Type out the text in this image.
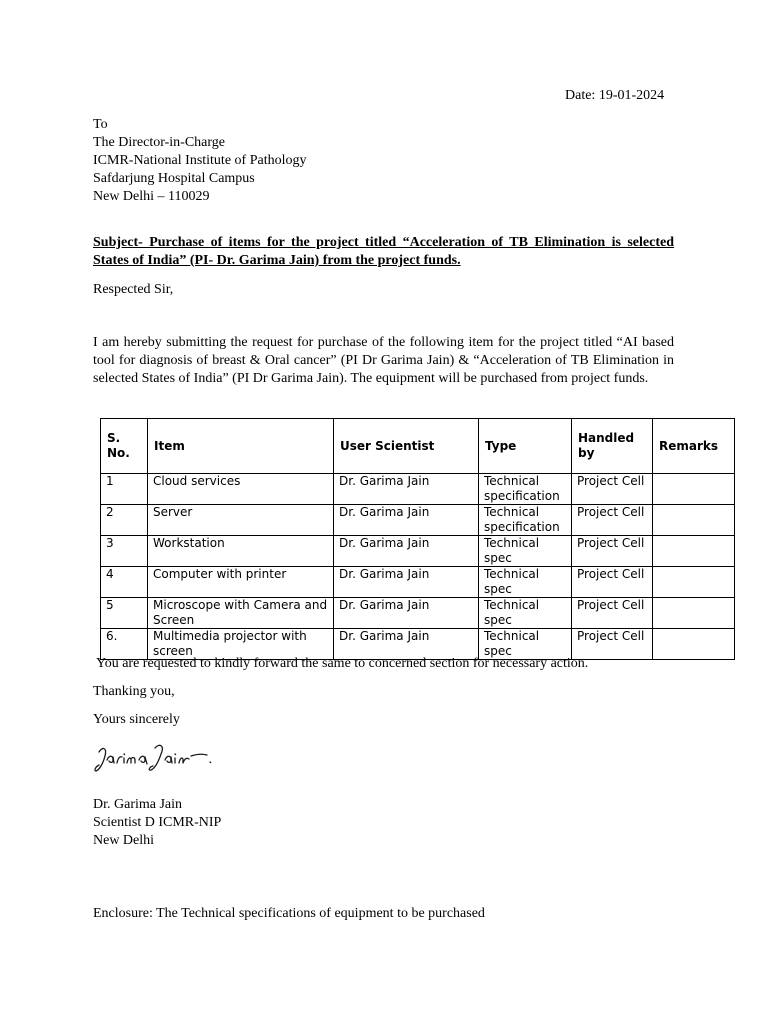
Date: 19-01-2024
To
The Director-in-Charge
ICMR-National Institute of Pathology
Safdarjung Hospital Campus
New Delhi – 110029
Subject- Purchase of items for the project titled “Acceleration of TB Elimination is selected States of India” (PI- Dr. Garima Jain) from the project funds.
Respected Sir,
I am hereby submitting the request for purchase of the following item for the project titled “AI based tool for diagnosis of breast & Oral cancer” (PI Dr Garima Jain) & “Acceleration of TB Elimination in selected States of India” (PI Dr Garima Jain). The equipment will be purchased from project funds.
S. No.	Item	User Scientist	Type	Handled by	Remarks
1	Cloud services	Dr. Garima Jain	Technical specification	Project Cell	
2	Server	Dr. Garima Jain	Technical specification	Project Cell	
3	Workstation	Dr. Garima Jain	Technical spec	Project Cell	
4	Computer with printer	Dr. Garima Jain	Technical spec	Project Cell	
5	Microscope with Camera and Screen	Dr. Garima Jain	Technical spec	Project Cell	
6.	Multimedia projector with screen	Dr. Garima Jain	Technical spec	Project Cell	
You are requested to kindly forward the same to concerned section for necessary action.
Thanking you,
Yours sincerely
Dr. Garima Jain
Scientist D ICMR-NIP
New Delhi
Enclosure: The Technical specifications of equipment to be purchased
